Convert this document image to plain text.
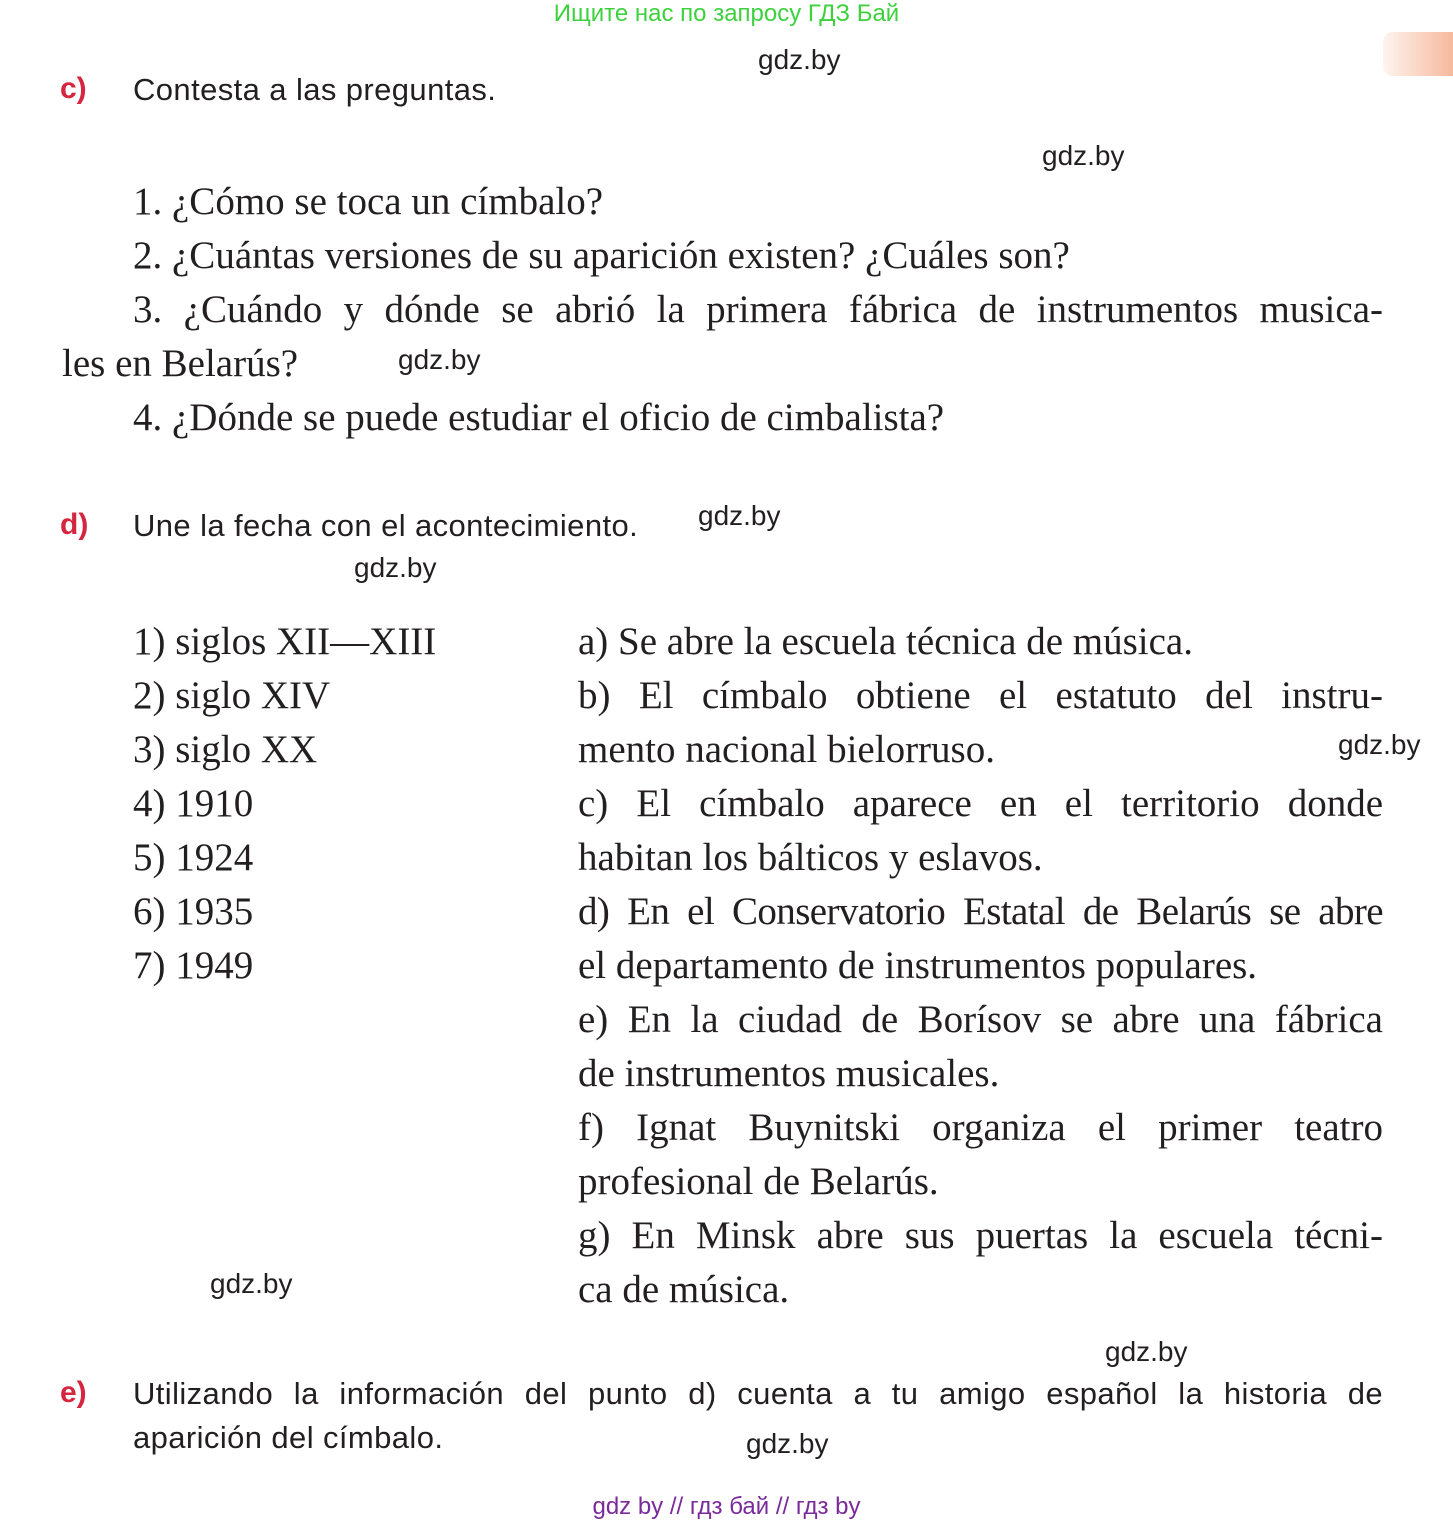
Ищите нас по запросу ГДЗ Бай
gdz.by
gdz.by
gdz.by
gdz.by
gdz.by
gdz.by
gdz.by
gdz.by
gdz.by
c) Contesta a las preguntas.
1. ¿Cómo se toca un címbalo?
2. ¿Cuántas versiones de su aparición existen? ¿Cuáles son?
3. ¿Cuándo y dónde se abrió la primera fábrica de instrumentos musica-
les en Belarús?
4. ¿Dónde se puede estudiar el oficio de cimbalista?
d) Une la fecha con el acontecimiento.
1) siglos XII—XIII
2) siglo XIV
3) siglo XX
4) 1910
5) 1924
6) 1935
7) 1949
a) Se abre la escuela técnica de música.
b) El címbalo obtiene el estatuto del instru-
mento nacional bielorruso.
c) El címbalo aparece en el territorio donde
habitan los bálticos y eslavos.
d) En el Conservatorio Estatal de Belarús se abre
el departamento de instrumentos populares.
e) En la ciudad de Borísov se abre una fábrica
de instrumentos musicales.
f) Ignat Buynitski organiza el primer teatro
profesional de Belarús.
g) En Minsk abre sus puertas la escuela técni-
ca de música.
e) Utilizando la información del punto d) cuenta a tu amigo español la historia de
aparición del címbalo.
gdz by // гдз бай // гдз by
